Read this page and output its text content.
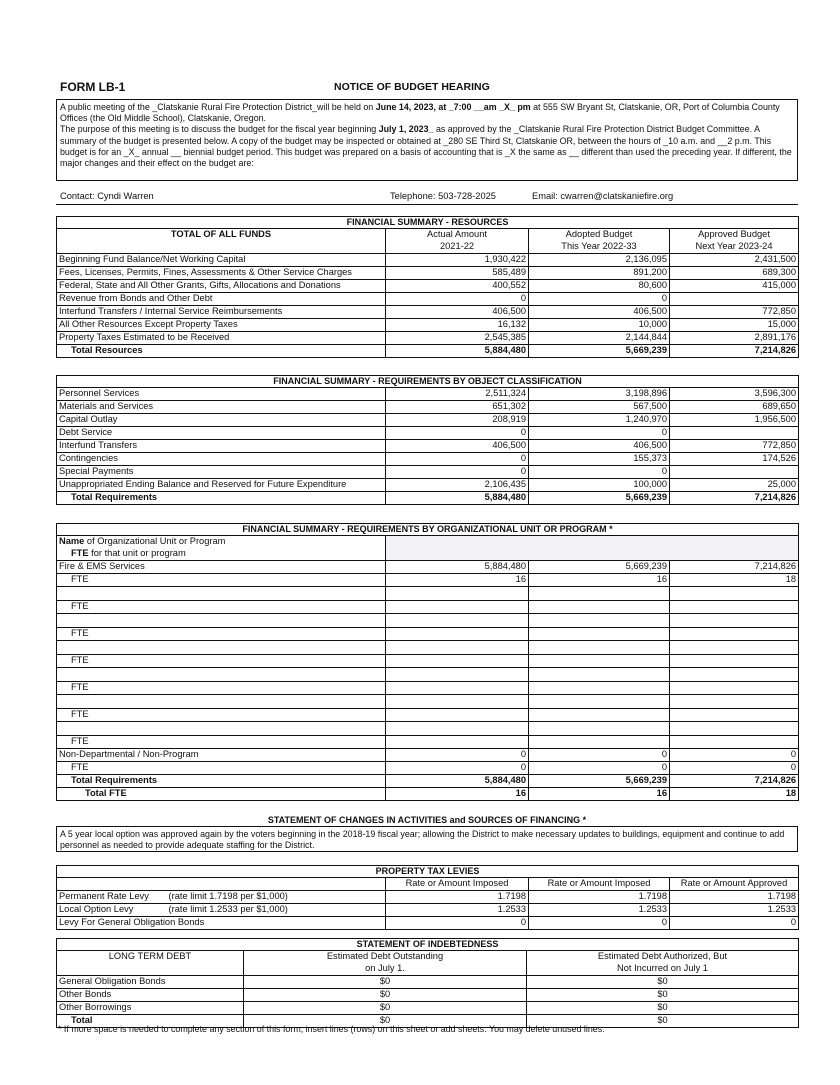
FORM LB-1	NOTICE OF BUDGET HEARING

A public meeting of the _Clatskanie Rural Fire Protection District_will be held on June 14, 2023, at _7:00 __am _X_ pm at 555 SW Bryant St, Clatskanie, OR, Port of Columbia County Offices (the Old Middle School), Clatskanie, Oregon.

The purpose of this meeting is to discuss the budget for the fiscal year beginning July 1, 2023_ as approved by the _Clatskanie Rural Fire Protection District Budget Committee. A summary of the budget is presented below. A copy of the budget may be inspected or obtained at _280 SE Third St, Clatskanie OR, between the hours of _10 a.m. and __2 p.m. This budget is for an _X_ annual __ biennial budget period. This budget was prepared on a basis of accounting that is _X the same as __ different than used the preceding year. If different, the major changes and their effect on the budget are:

Contact: Cyndi Warren	Telephone: 503-728-2025	Email: cwarren@clatskaniefire.org
FINANCIAL SUMMARY - RESOURCES			
TOTAL OF ALL FUNDS	Actual Amount	Adopted Budget	Approved Budget
	2021-22	This Year 2022-33	Next Year 2023-24
Beginning Fund Balance/Net Working Capital	1,930,422	2,136,095	2,431,500
Fees, Licenses, Permits, Fines, Assessments & Other Service Charges	585,489	891,200	689,300
Federal, State and All Other Grants, Gifts, Allocations and Donations	400,552	80,600	415,000
Revenue from Bonds and Other Debt	0	0	
Interfund Transfers / Internal Service Reimbursements	406,500	406,500	772,850
All Other Resources Except Property Taxes	16,132	10,000	15,000
Property Taxes Estimated to be Received	2,545,385	2,144,844	2,891,176
Total Resources	5,884,480	5,669,239	7,214,826
FINANCIAL SUMMARY - REQUIREMENTS BY OBJECT CLASSIFICATION			
Personnel Services	2,511,324	3,198,896	3,596,300
Materials and Services	651,302	567,500	689,650
Capital Outlay	208,919	1,240,970	1,956,500
Debt Service	0	0	
Interfund Transfers	406,500	406,500	772,850
Contingencies	0	155,373	174,526
Special Payments	0	0	
Unappropriated Ending Balance and Reserved for Future Expenditure	2,106,435	100,000	25,000
Total Requirements	5,884,480	5,669,239	7,214,826
FINANCIAL SUMMARY - REQUIREMENTS BY ORGANIZATIONAL UNIT OR PROGRAM *			
Name of Organizational Unit or Program			
FTE for that unit or program			
Fire & EMS Services	5,884,480	5,669,239	7,214,826
FTE	16	16	18

FTE			

FTE			

FTE			

FTE			

FTE			

FTE			
Non-Departmental / Non-Program	0	0	0
FTE	0	0	0
Total Requirements	5,884,480	5,669,239	7,214,826
Total FTE	16	16	18
STATEMENT OF CHANGES IN ACTIVITIES and SOURCES OF FINANCING *
A 5 year local option was approved again by the voters beginning in the 2018-19 fiscal year; allowing the District to make necessary updates to buildings, equipment and continue to add personnel as needed to provide adequate staffing for the District.
PROPERTY TAX LEVIES				
		Rate or Amount Imposed	Rate or Amount Imposed	Rate or Amount Approved
Permanent Rate Levy	(rate limit 1.7198 per $1,000)	1.7198	1.7198	1.7198
Local Option Levy	(rate limit 1.2533 per $1,000)	1.2533	1.2533	1.2533
Levy For General Obligation Bonds		0	0	0
STATEMENT OF INDEBTEDNESS		
LONG TERM DEBT	Estimated Debt Outstanding	Estimated Debt Authorized, But
	on July 1.	Not Incurred on July 1
General Obligation Bonds	$0	$0
Other Bonds	$0	$0
Other Borrowings	$0	$0
Total	$0	$0
* If more space is needed to complete any section of this form, insert lines (rows) on this sheet or add sheets. You may delete unused lines.
